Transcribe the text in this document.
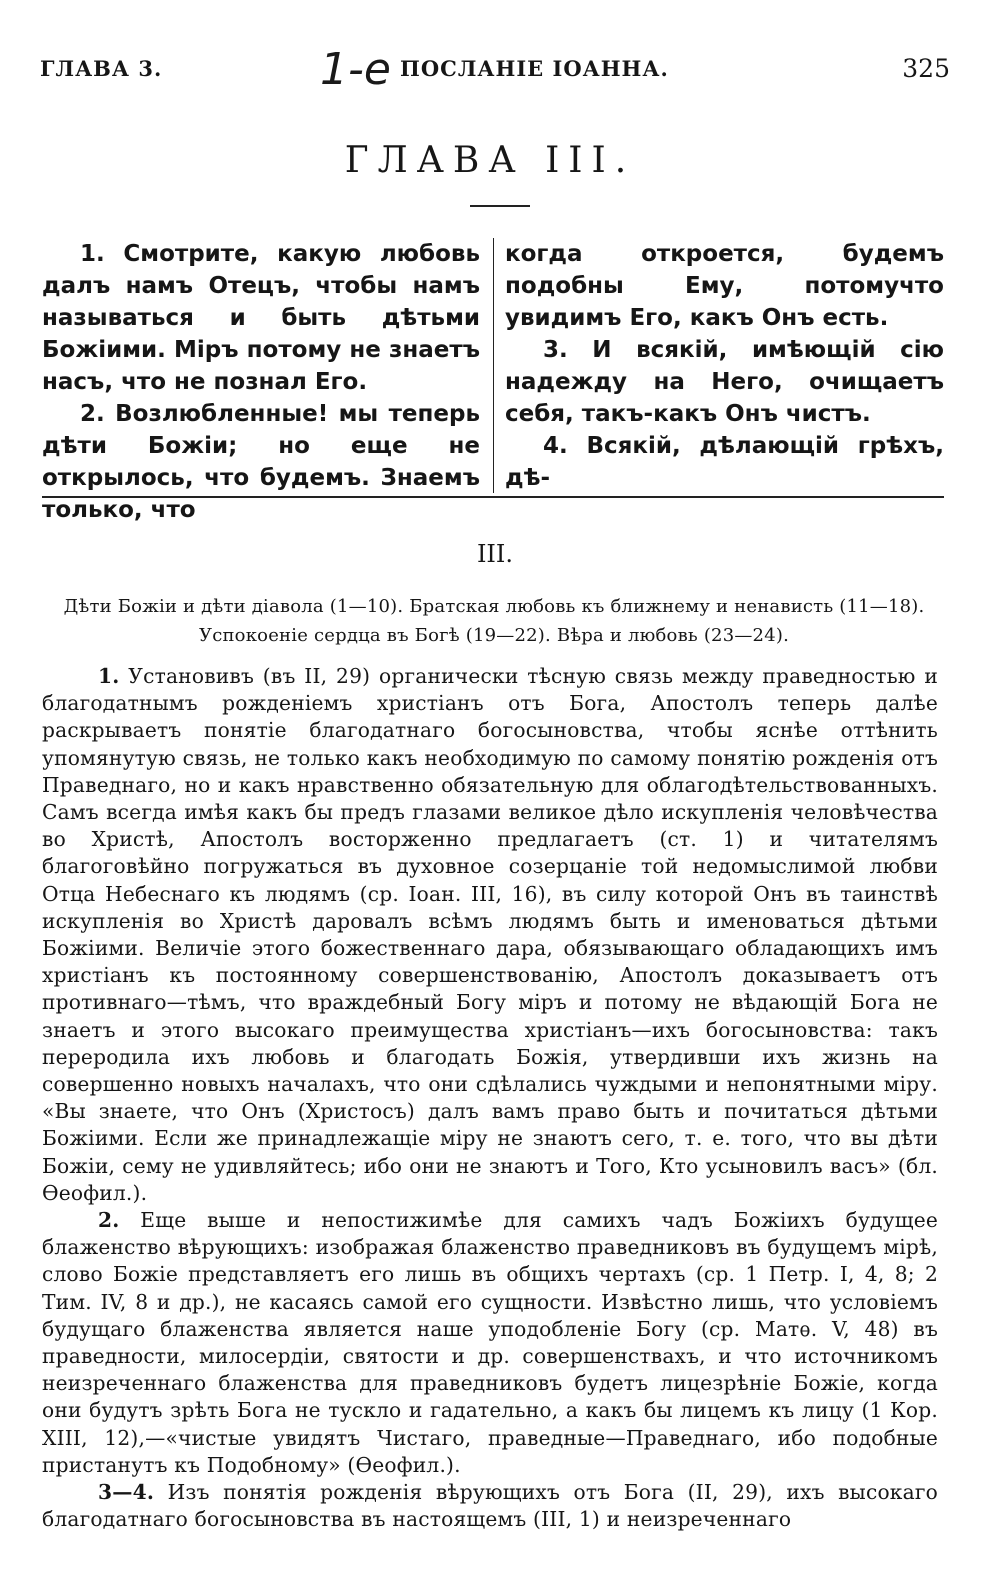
ГЛАВА 3.	1-е ПОСЛАНІЕ ІОАННА.	325
ГЛАВА III.

1. Смотрите, какую любовь далъ намъ Отецъ, чтобы намъ называться и быть дѣтьми Божіими. Міръ потому не знаетъ насъ, что не познал Его.

2. Возлюбленные! мы теперь дѣти Божіи; но еще не открылось, что будемъ. Знаемъ только, что

когда откроется, будемъ подобны Ему, потомучто увидимъ Его, какъ Онъ есть.

3. И всякій, имѣющій сію надежду на Него, очищаетъ себя, такъ-какъ Онъ чистъ.

4. Всякій, дѣлающій грѣхъ, дѣ-

III.
Дѣти Божіи и дѣти діавола (1—10). Братская любовь къ ближнему и ненависть (11—18).
Успокоеніе сердца въ Богѣ (19—22). Вѣра и любовь (23—24).

1. Установивъ (въ II, 29) органически тѣсную связь между праведностью и благодатнымъ рожденіемъ христіанъ отъ Бога, Апостолъ теперь далѣе раскрываетъ понятіе благодатнаго богосыновства, чтобы яснѣе оттѣнить упомянутую связь, не только какъ необходимую по самому понятію рожденія отъ Праведнаго, но и какъ нравственно обязательную для облагодѣтельствованныхъ. Самъ всегда имѣя какъ бы предъ глазами великое дѣло искупленія человѣчества во Христѣ, Апостолъ восторженно предлагаетъ (ст. 1) и читателямъ благоговѣйно погружаться въ духовное созерцаніе той недомыслимой любви Отца Небеснаго къ людямъ (ср. Іоан. III, 16), въ силу которой Онъ въ таинствѣ искупленія во Христѣ даровалъ всѣмъ людямъ быть и именоваться дѣтьми Божіими. Величіе этого божественнаго дара, обязывающаго обладающихъ имъ христіанъ къ постоянному совершенствованію, Апостолъ доказываетъ отъ противнаго—тѣмъ, что враждебный Богу міръ и потому не вѣдающій Бога не знаетъ и этого высокаго преимущества христіанъ—ихъ богосыновства: такъ переродила ихъ любовь и благодать Божія, утвердивши ихъ жизнь на совершенно новыхъ началахъ, что они сдѣлались чуждыми и непонятными міру. «Вы знаете, что Онъ (Христосъ) далъ вамъ право быть и почитаться дѣтьми Божіими. Если же принадлежащіе міру не знаютъ сего, т. е. того, что вы дѣти Божіи, сему не удивляйтесь; ибо они не знаютъ и Того, Кто усыновилъ васъ» (бл. Ѳеофил.).

2. Еще выше и непостижимѣе для самихъ чадъ Божіихъ будущее блаженство вѣрующихъ: изображая блаженство праведниковъ въ будущемъ мірѣ, слово Божіе представляетъ его лишь въ общихъ чертахъ (ср. 1 Петр. I, 4, 8; 2 Тим. IV, 8 и др.), не касаясь самой его сущности. Извѣстно лишь, что условіемъ будущаго блаженства является наше уподобленіе Богу (ср. Матѳ. V, 48) въ праведности, милосердіи, святости и др. совершенствахъ, и что источникомъ неизреченнаго блаженства для праведниковъ будетъ лицезрѣніе Божіе, когда они будутъ зрѣть Бога не тускло и гадательно, а какъ бы лицемъ къ лицу (1 Кор. XIII, 12),—«чистые увидятъ Чистаго, праведные—Праведнаго, ибо подобные пристанутъ къ Подобному» (Ѳеофил.).

3—4. Изъ понятія рожденія вѣрующихъ отъ Бога (II, 29), ихъ высокаго благодатнаго богосыновства въ настоящемъ (III, 1) и неизреченнаго
